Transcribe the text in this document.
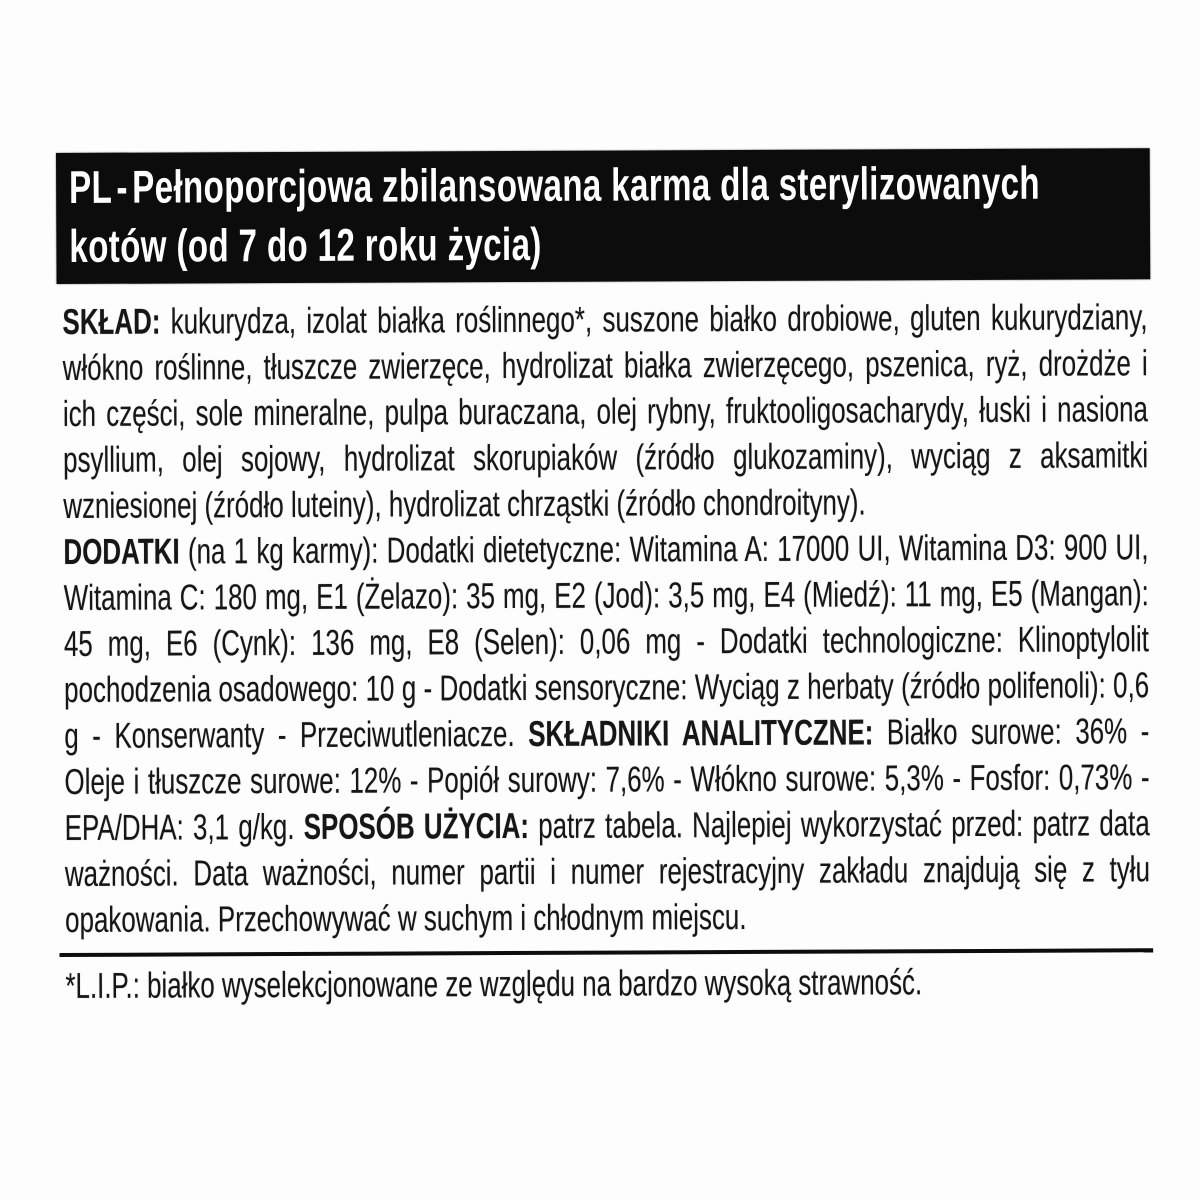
PL-Pełnoporcjowa zbilansowana karma dla sterylizowanych kotów (od 7 do 12 roku życia)

SKŁAD: kukurydza, izolat białka roślinnego*, suszone białko drobiowe, gluten kukurydziany, włókno roślinne, tłuszcze zwierzęce, hydrolizat białka zwierzęcego, pszenica, ryż, drożdże i ich części, sole mineralne, pulpa buraczana, olej rybny, fruktooligosacharydy, łuski i nasiona psyllium, olej sojowy, hydrolizat skorupiaków (źródło glukozaminy), wyciąg z aksamitki wzniesionej (źródło luteiny), hydrolizat chrząstki (źródło chondroityny).

DODATKI (na 1 kg karmy): Dodatki dietetyczne: Witamina A: 17000 UI, Witamina D3: 900 UI, Witamina C: 180 mg, E1 (Żelazo): 35 mg, E2 (Jod): 3,5 mg, E4 (Miedź): 11 mg, E5 (Mangan): 45 mg, E6 (Cynk): 136 mg, E8 (Selen): 0,06 mg - Dodatki technologiczne: Klinoptylolit pochodzenia osadowego: 10 g - Dodatki sensoryczne: Wyciąg z herbaty (źródło polifenoli): 0,6 g - Konserwanty - Przeciwutleniacze. SKŁADNIKI ANALITYCZNE: Białko surowe: 36% - Oleje i tłuszcze surowe: 12% - Popiół surowy: 7,6% - Włókno surowe: 5,3% - Fosfor: 0,73% - EPA/DHA: 3,1 g/kg. SPOSÓB UŻYCIA: patrz tabela. Najlepiej wykorzystać przed: patrz data ważności. Data ważności, numer partii i numer rejestracyjny zakładu znajdują się z tyłu opakowania. Przechowywać w suchym i chłodnym miejscu.

*L.I.P.: białko wyselekcjonowane ze względu na bardzo wysoką strawność.
